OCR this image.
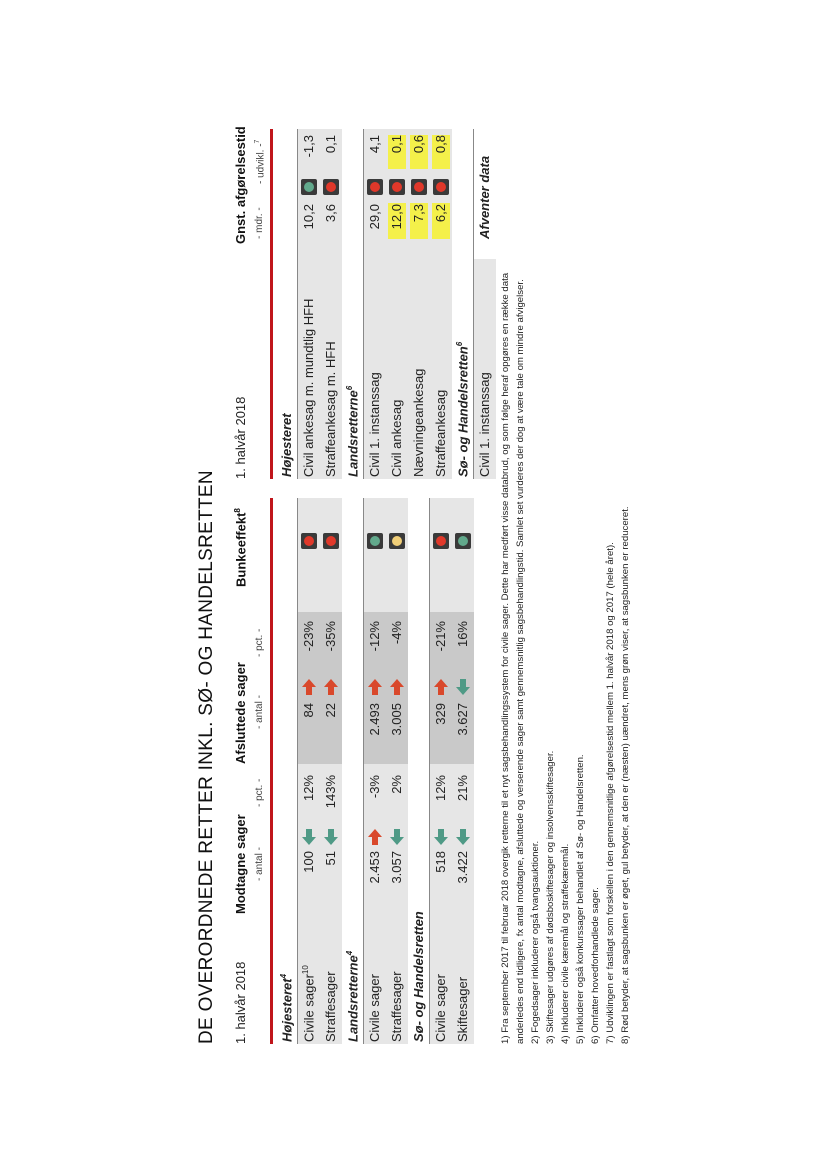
DE OVERORDNEDE RETTER INKL. SØ- OG HANDELSRETTEN 1. halvår 2018
Modtagne sager
Afsluttede sager
Bunkeeffekt$^8$
- antal -
- pct. -
- antal -
- pct. -
Højesteret$^4$	Civile sager$^{10}$
100
12%
84
-23%
Straffesager
51
143%
22
-35%
Landsretterne$^4$
Civile sager
2.453
-3%
2.493
-12%
Straffesager
3.057
2%
3.005
-4%
Sø- og Handelsretten Civile sager
518
12%
329
-21%
Skiftesager
3.422
21%
3.627
16%
1. halvår 2018
Gnst. afgørelsestid - mdr. -
- udvikl. -$^7$
Højesteret Civil ankesag m. mundtlig HFH
10,2
-1,3
Straffeankesag m. HFH
3,6
0,1
Landsretterne$^6$	Civil 1. instanssag
29,0
4,1
Civil ankesag
12,0
0,1
Nævningeankesag
7,3
0,6
Straffeankesag
6,2
0,8
Sø- og Handelsretten$^6$
Civil 1. instanssag
Afventer data
1) Fra september 2017 til februar 2018 overgik retterne til et nyt sagsbehandlingssystem for civile sager. Dette har medført visse databrud, og som følge heraf opgøres en række data anderledes end tidligere, fx antal modtagne, afsluttede og verserende sager samt gennemsnitlig sagsbehandlingstid. Samlet set vurderes der dog at være tale om mindre afvigelser. 2) Fogedsager inkluderer også tvangsauktioner. 3) Skiftesager udgøres af dødsboskiftesager og insolvensskiftesager. 4) Inkluderer civile kæremål og straffekæremål. 5) Inkluderer også konkurssager behandlet af Sø- og Handelsretten. 6) Omfatter hovedforhandlede sager. 7) Udviklingen er fastlagt som forskellen i den gennemsnitlige afgørelsestid mellem 1. halvår 2018 og 2017 (hele året). 8) Rød betyder, at sagsbunken er øget, gul betyder, at den er (næsten) uændret, mens grøn viser, at sagsbunken er reduceret.
